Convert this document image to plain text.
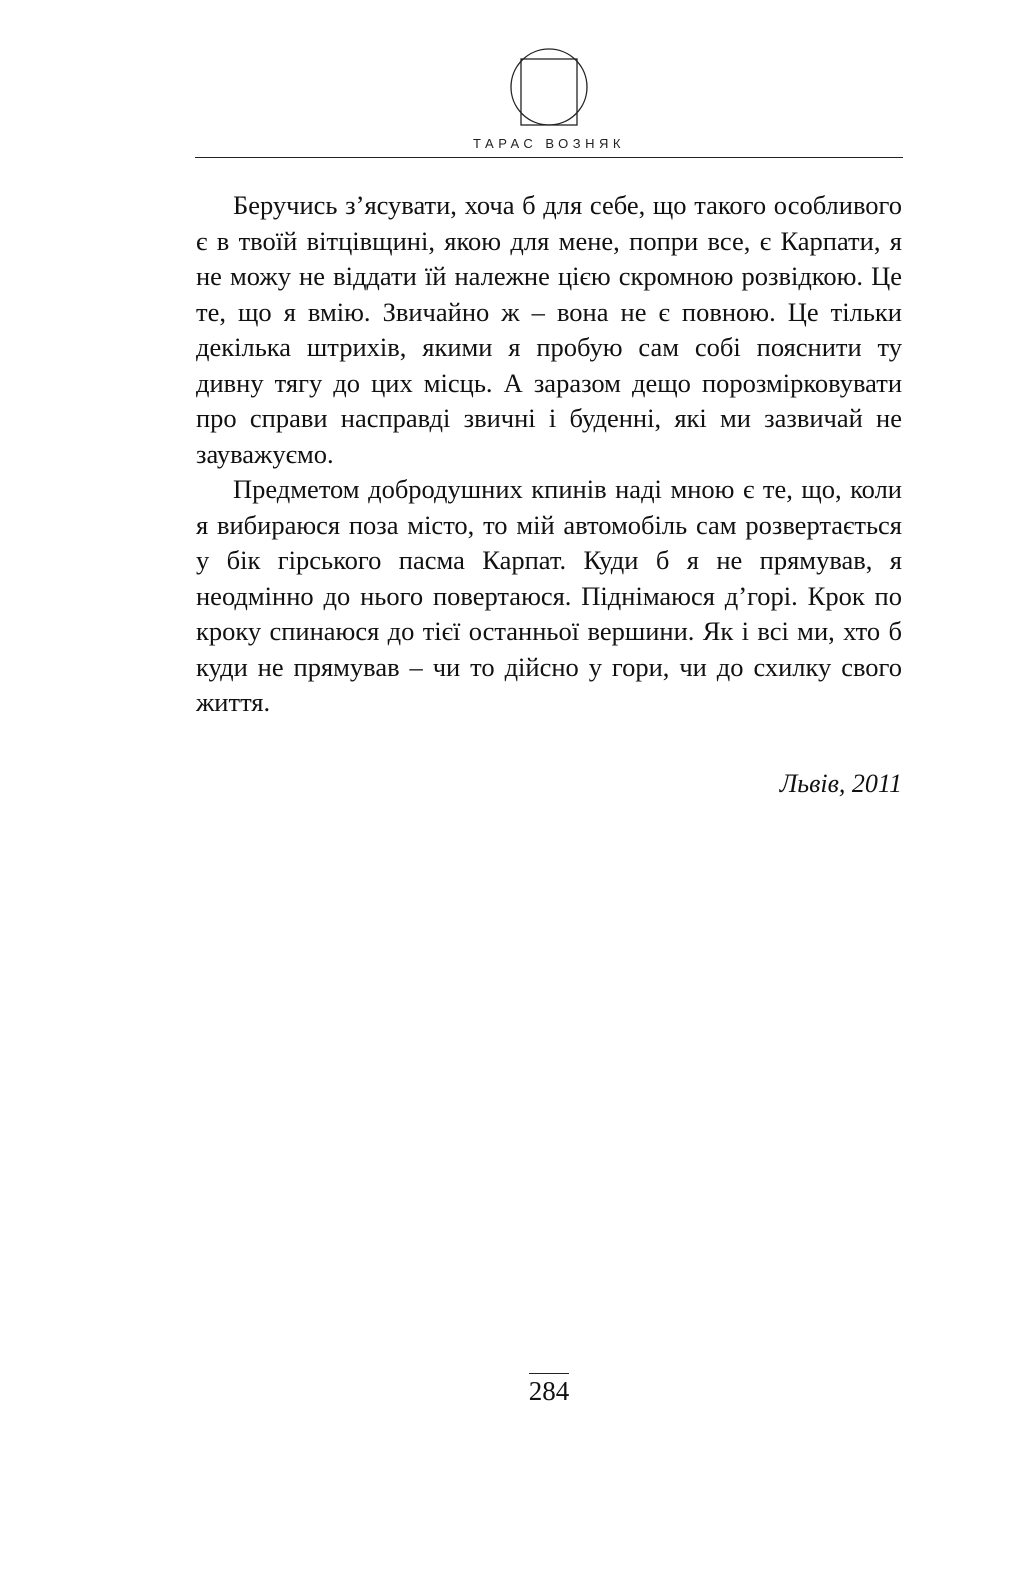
ТАРАС ВОЗНЯК

Беручись з’ясувати, хоча б для себе, що такого особливого є в твоїй вітцівщині, якою для мене, попри все, є Карпати, я не можу не віддати їй належне цією скромною розвідкою. Це те, що я вмію. Звичайно ж – вона не є повною. Це тільки декілька штрихів, якими я пробую сам собі пояснити ту дивну тягу до цих місць. А заразом дещо порозмірковувати про справи насправді звичні і буденні, які ми зазвичай не зауважуємо.

Предметом добродушних кпинів наді мною є те, що, коли я вибираюся поза місто, то мій автомобіль сам розвертається у бік гірського пасма Карпат. Куди б я не прямував, я неодмінно до нього повертаюся. Піднімаюся д’горі. Крок по кроку спинаюся до тієї останньої вершини. Як і всі ми, хто б куди не прямував – чи то дійсно у гори, чи до схилку свого життя.

Львів, 2011
284
